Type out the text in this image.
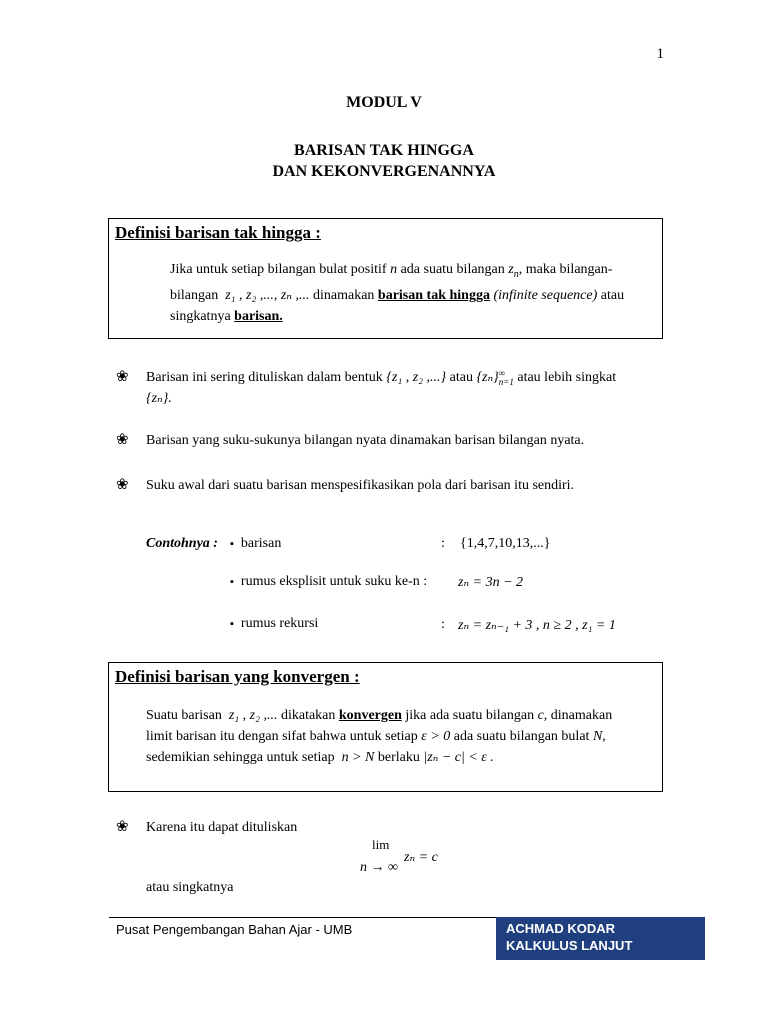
1
MODUL V
BARISAN TAK HINGGA
DAN KEKONVERGENANNYA
Definisi barisan tak hingga :
Jika untuk setiap bilangan bulat positif n ada suatu bilangan $z_n$, maka bilangan-
bilangan z₁ , z₂ ,..., zₙ ,... dinamakan barisan tak hingga (infinite sequence) atau
singkatnya barisan.
❀ Barisan ini sering dituliskan dalam bentuk {z₁ , z₂ ,...} atau {zₙ} ∞
n=1 atau lebih singkat
{zₙ}.
❀ Barisan yang suku-sukunya bilangan nyata dinamakan barisan bilangan nyata.
❀ Suku awal dari suatu barisan menspesifikasikan pola dari barisan itu sendiri.
Contohnya : ▪ barisan	: {1,4,7,10,13,...}
▪ rumus eksplisit untuk suku ke-n : zₙ = 3n − 2
▪ rumus rekursi	: zₙ = zₙ₋₁ + 3 , n ≥ 2 , z₁ = 1
Definisi barisan yang konvergen :
Suatu barisan z₁ , z₂ ,... dikatakan konvergen jika ada suatu bilangan c, dinamakan
limit barisan itu dengan sifat bahwa untuk setiap ε > 0 ada suatu bilangan bulat N,
sedemikian sehingga untuk setiap n > N berlaku |zₙ − c| < ε .
❀ Karena itu dapat dituliskan
lim
zₙ = c
n → ∞
atau singkatnya
Pusat Pengembangan Bahan Ajar - UMB	ACHMAD KODAR
KALKULUS LANJUT
